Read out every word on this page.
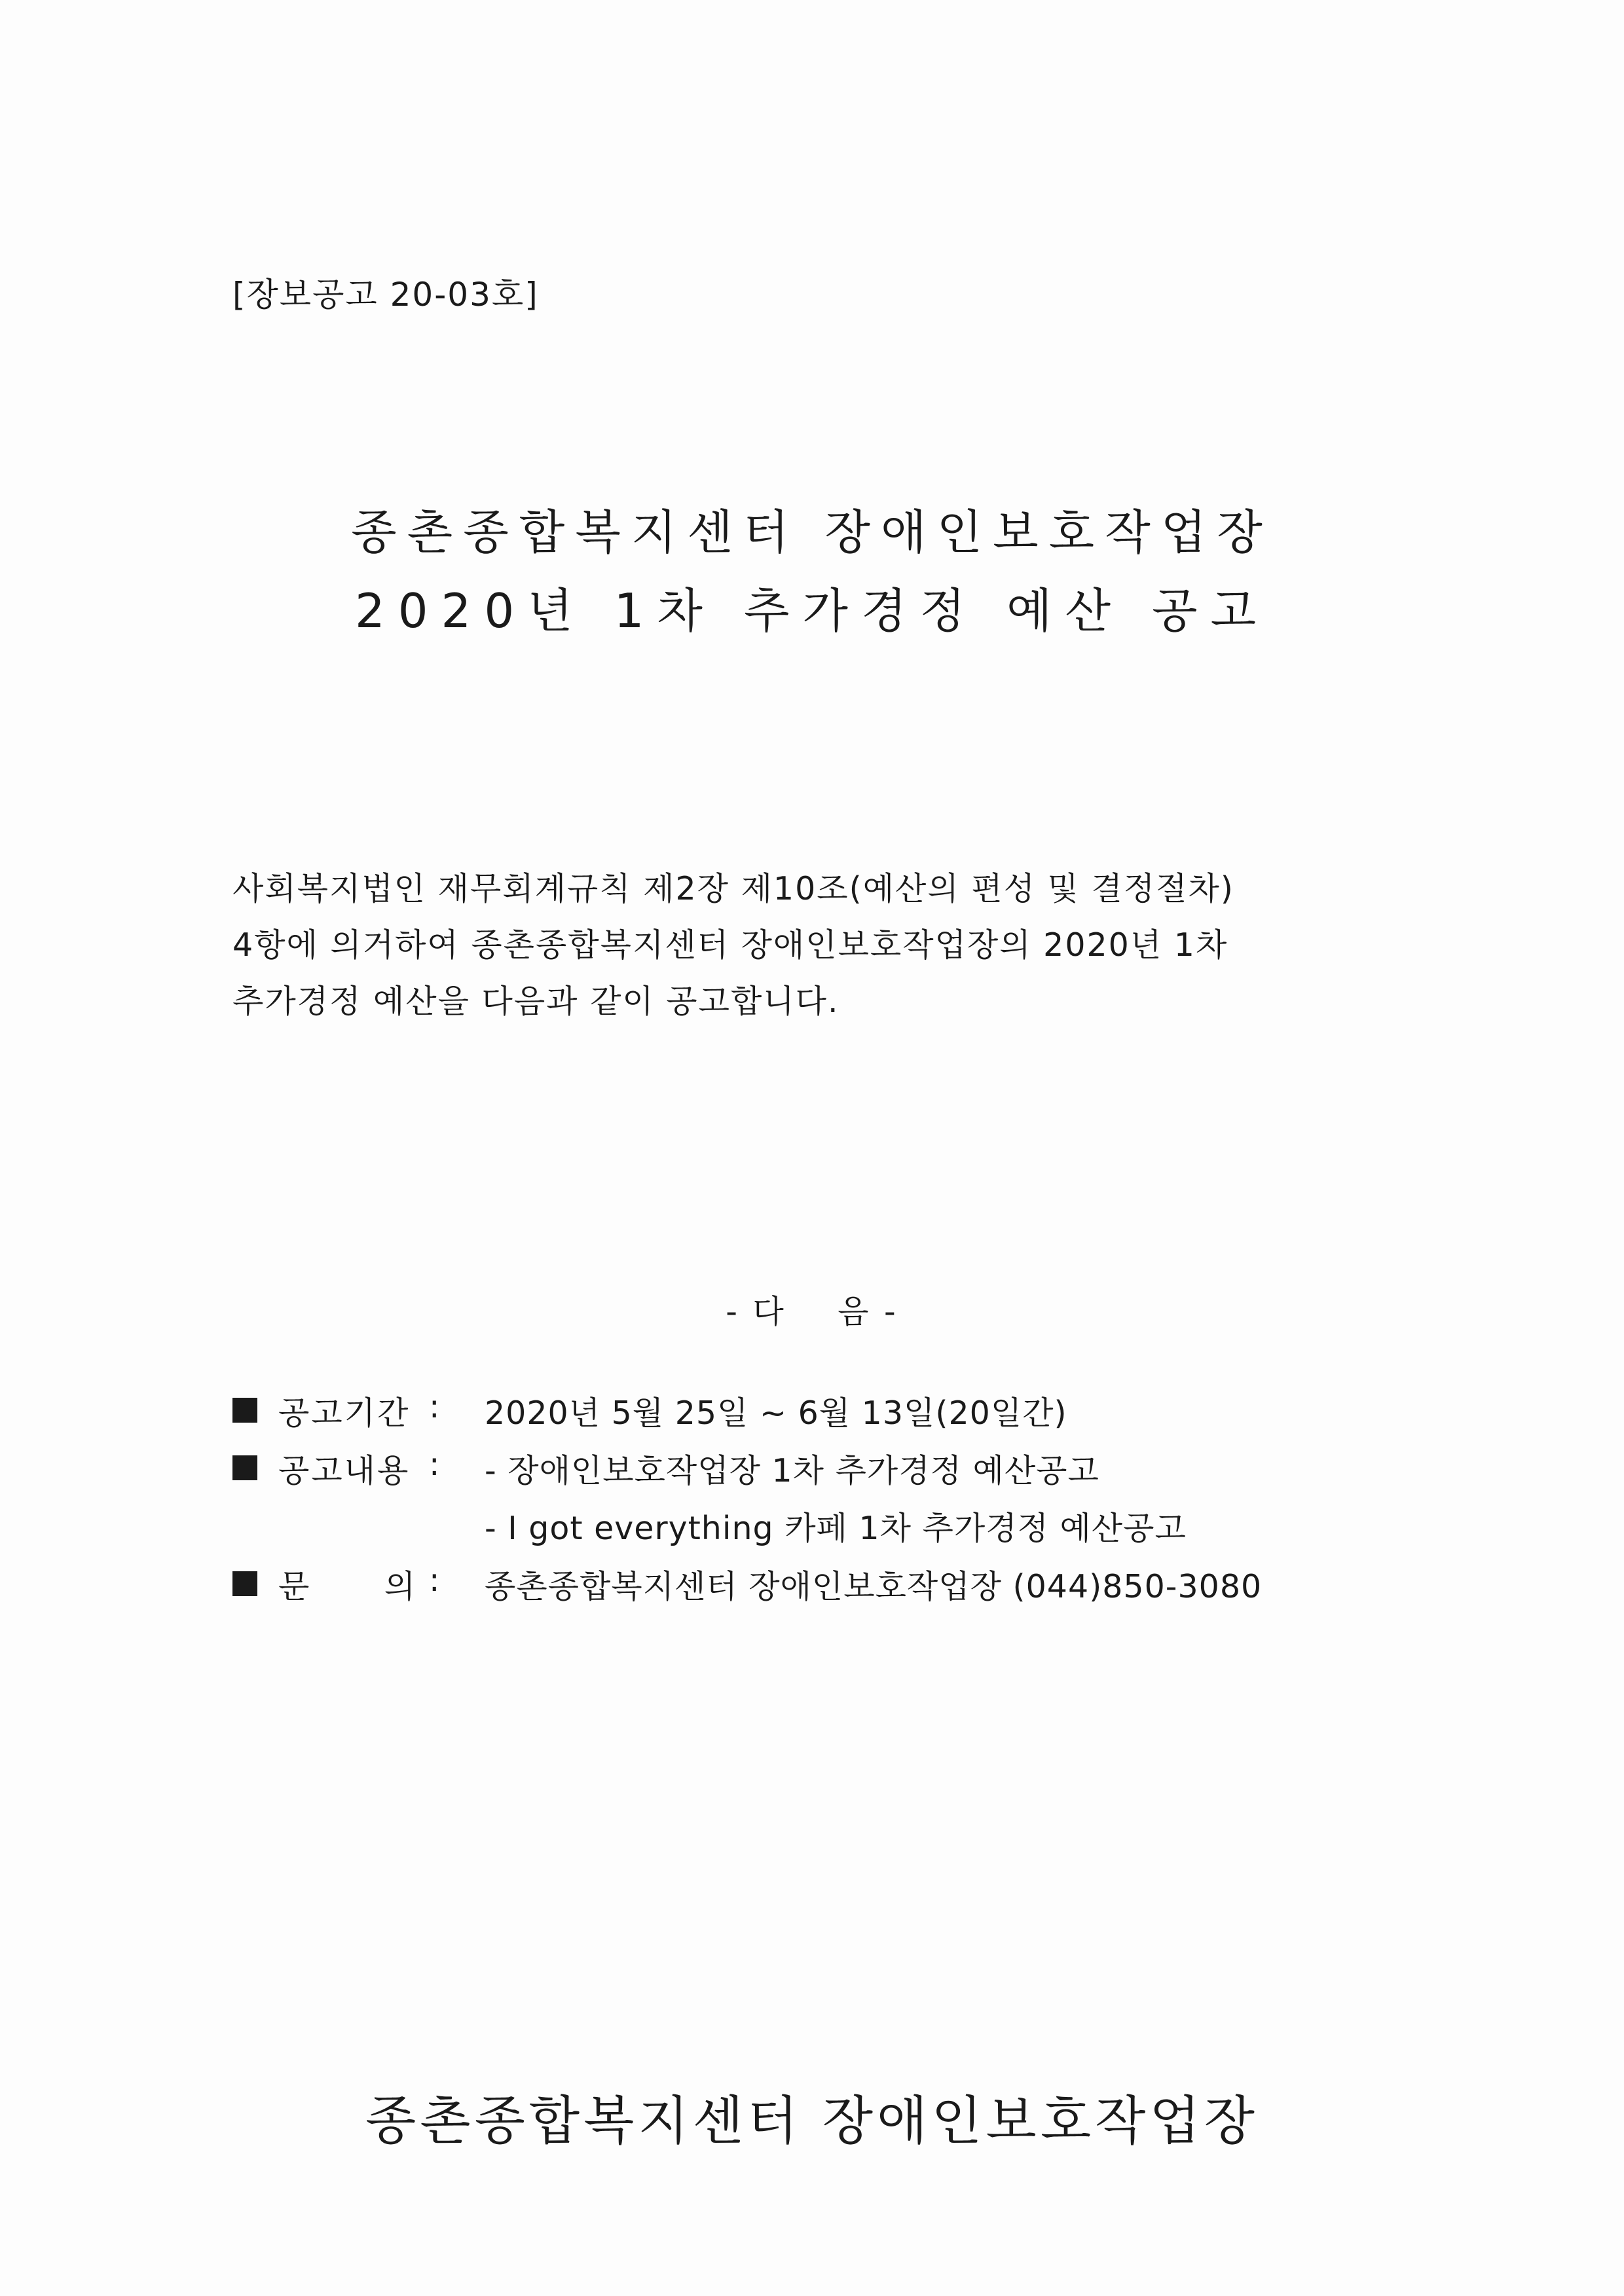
[장보공고 20-03호]
종촌종합복지센터 장애인보호작업장
2020년 1차 추가경정 예산 공고

사회복지법인 재무회계규칙 제2장 제10조(예산의 편성 및 결정절차)

4항에 의거하여 종촌종합복지센터 장애인보호작업장의 2020년 1차

추가경정 예산을 다음과 같이 공고합니다.

- 다    음 -
공고기간 : 2020년 5월 25일 ~ 6월 13일(20일간)
공고내용 : - 장애인보호작업장 1차 추가경정 예산공고
- I got everything 카페 1차 추가경정 예산공고
문      의 : 종촌종합복지센터 장애인보호작업장 (044)850-3080
종촌종합복지센터 장애인보호작업장
